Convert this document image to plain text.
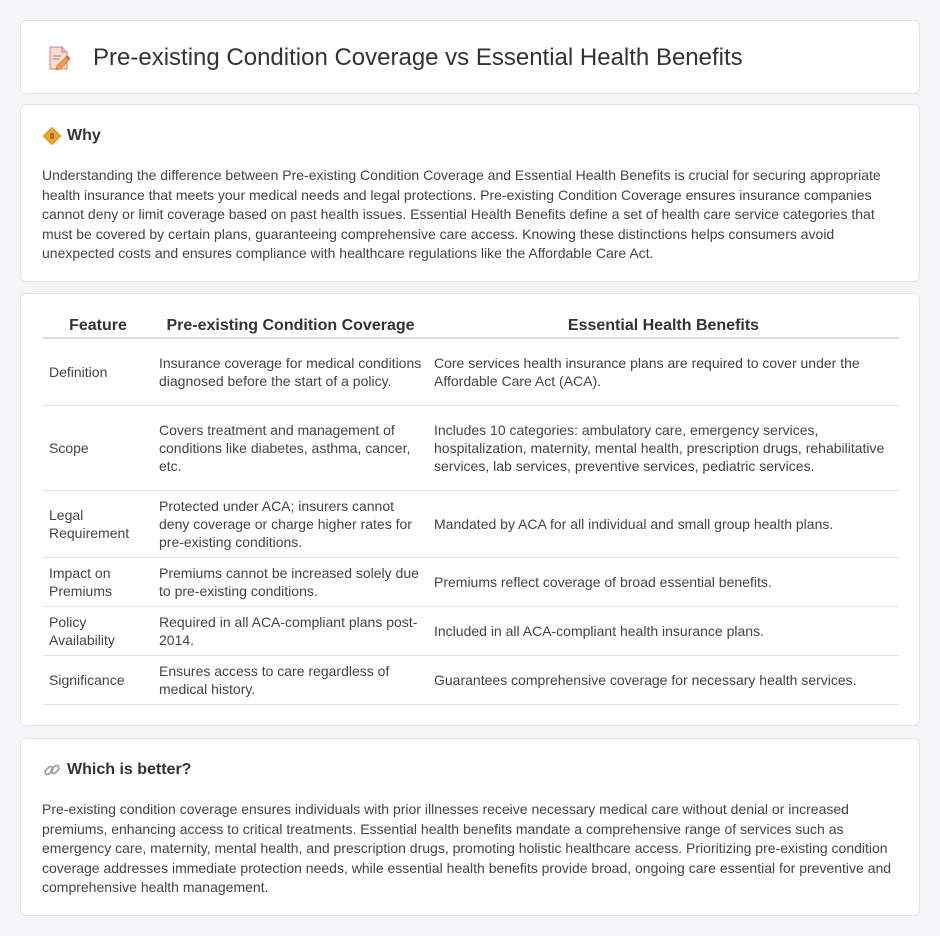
Pre-existing Condition Coverage vs Essential Health Benefits
Why

Understanding the difference between Pre-existing Condition Coverage and Essential Health Benefits is crucial for securing appropriate health insurance that meets your medical needs and legal protections. Pre-existing Condition Coverage ensures insurance companies cannot deny or limit coverage based on past health issues. Essential Health Benefits define a set of health care service categories that must be covered by certain plans, guaranteeing comprehensive care access. Knowing these distinctions helps consumers avoid unexpected costs and ensures compliance with healthcare regulations like the Affordable Care Act.

Feature	Pre-existing Condition Coverage	Essential Health Benefits
Definition	Insurance coverage for medical conditions diagnosed before the start of a policy.	Core services health insurance plans are required to cover under the Affordable Care Act (ACA).
Scope	Covers treatment and management of conditions like diabetes, asthma, cancer, etc.	Includes 10 categories: ambulatory care, emergency services, hospitalization, maternity, mental health, prescription drugs, rehabilitative services, lab services, preventive services, pediatric services.
Legal Requirement	Protected under ACA; insurers cannot deny coverage or charge higher rates for pre-existing conditions.	Mandated by ACA for all individual and small group health plans.
Impact on Premiums	Premiums cannot be increased solely due to pre-existing conditions.	Premiums reflect coverage of broad essential benefits.
Policy Availability	Required in all ACA-compliant plans post-2014.	Included in all ACA-compliant health insurance plans.
Significance	Ensures access to care regardless of medical history.	Guarantees comprehensive coverage for necessary health services.
Which is better?

Pre-existing condition coverage ensures individuals with prior illnesses receive necessary medical care without denial or increased premiums, enhancing access to critical treatments. Essential health benefits mandate a comprehensive range of services such as emergency care, maternity, mental health, and prescription drugs, promoting holistic healthcare access. Prioritizing pre-existing condition coverage addresses immediate protection needs, while essential health benefits provide broad, ongoing care essential for preventive and comprehensive health management.
